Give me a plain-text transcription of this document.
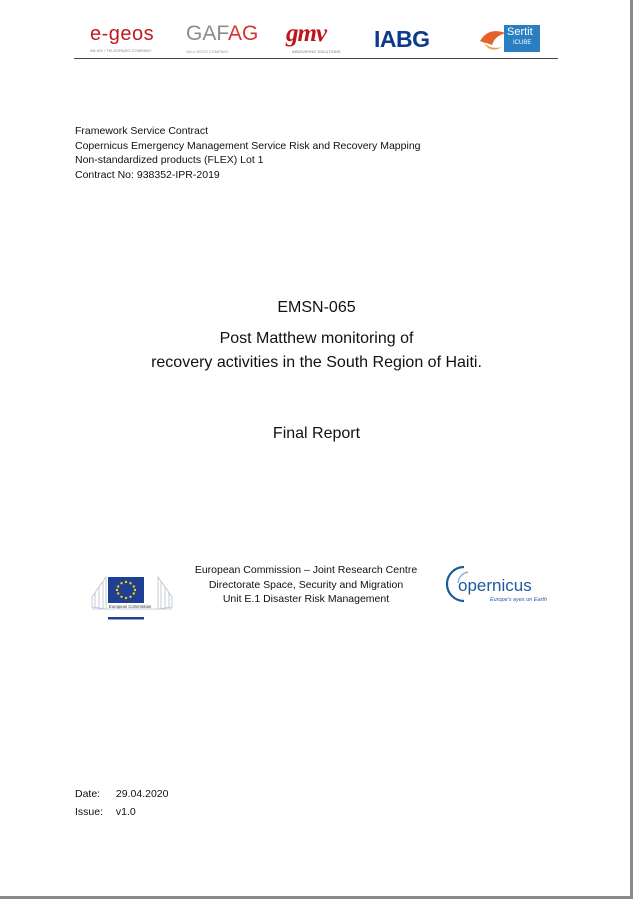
e-geos
AN ASI / TELESPAZIO COMPANY
GAFAG
AN e-GEOS COMPANY
gmv
INNOVATING SOLUTIONS IABG	Sertit
ICUBE
Framework Service Contract
Copernicus Emergency Management Service Risk and Recovery Mapping
Non-standardized products (FLEX) Lot 1
Contract No: 938352-IPR-2019
EMSN-065
Post Matthew monitoring of
recovery activities in the South Region of Haiti.
Final Report
European Commission
European Commission – Joint Research Centre
Directorate Space, Security and Migration
Unit E.1 Disaster Risk Management
opernicus
Europe's eyes on Earth
Date: 29.04.2020
Issue: v1.0
